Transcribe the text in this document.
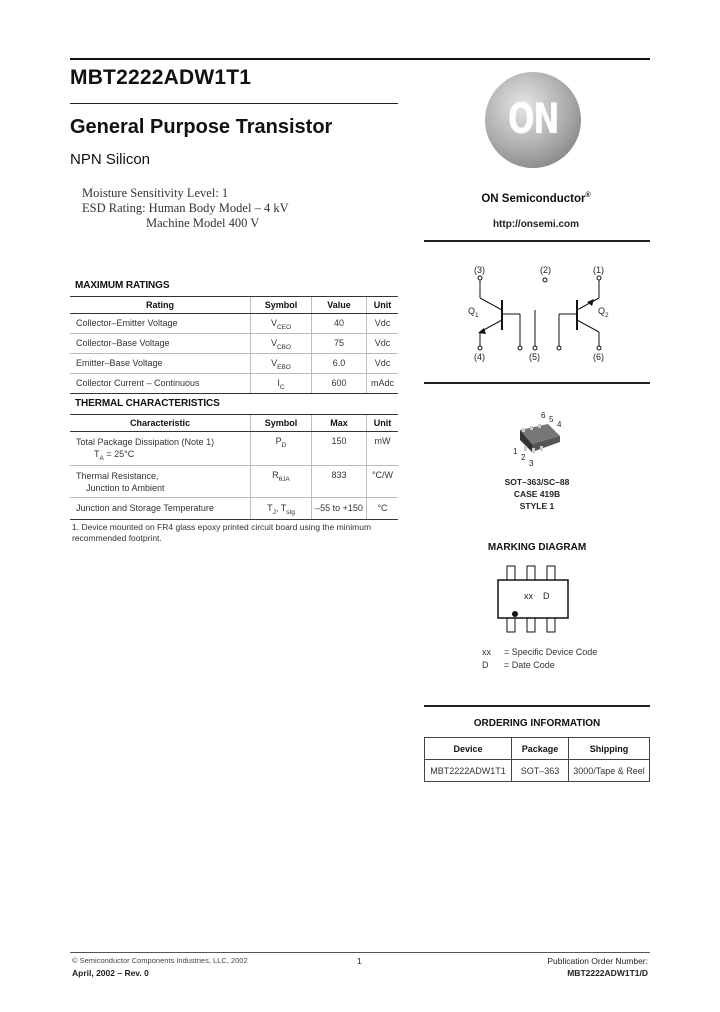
MBT2222ADW1T1
General Purpose Transistor
NPN Silicon
Moisture Sensitivity Level: 1
ESD Rating: Human Body Model – 4 kV
Machine Model 400 V
MAXIMUM RATINGS
Rating	Symbol	Value	Unit
Collector–Emitter Voltage	$V_{CEO}$	40	Vdc
Collector–Base Voltage	$V_{CBO}$	75	Vdc
Emitter–Base Voltage	$V_{EBO}$	6.0	Vdc
Collector Current – Continuous	$I_C$	600	mAdc
THERMAL CHARACTERISTICS
Characteristic	Symbol	Max	Unit

Total Package Dissipation (Note 1)
$T_A = 25^\circ C$	$P_D$	150	mW

Thermal Resistance,
Junction to Ambient	$R_{\theta JA}$	833	°C/W
Junction and Storage Temperature	$T_J$, $T_{stg}$	–55 to +150	°C
1. Device mounted on FR4 glass epoxy printed circuit board using the minimum recommended footprint.
ON
ON Semiconductor®
http://onsemi.com
(3)	(2)	(1)
(4)	(5)	(6)
$Q_1$	$Q_2$
6 5
4
1
2
3
SOT–363/SC–88
CASE 419B
STYLE 1
MARKING DIAGRAM
xx    D
xx = Specific Device Code
D = Date Code
ORDERING INFORMATION
Device	Package	Shipping
MBT2222ADW1T1	SOT–363	3000/Tape & Reel
© Semiconductor Components Industries, LLC, 2002
April, 2002 – Rev. 0
1	Publication Order Number:
MBT2222ADW1T1/D
